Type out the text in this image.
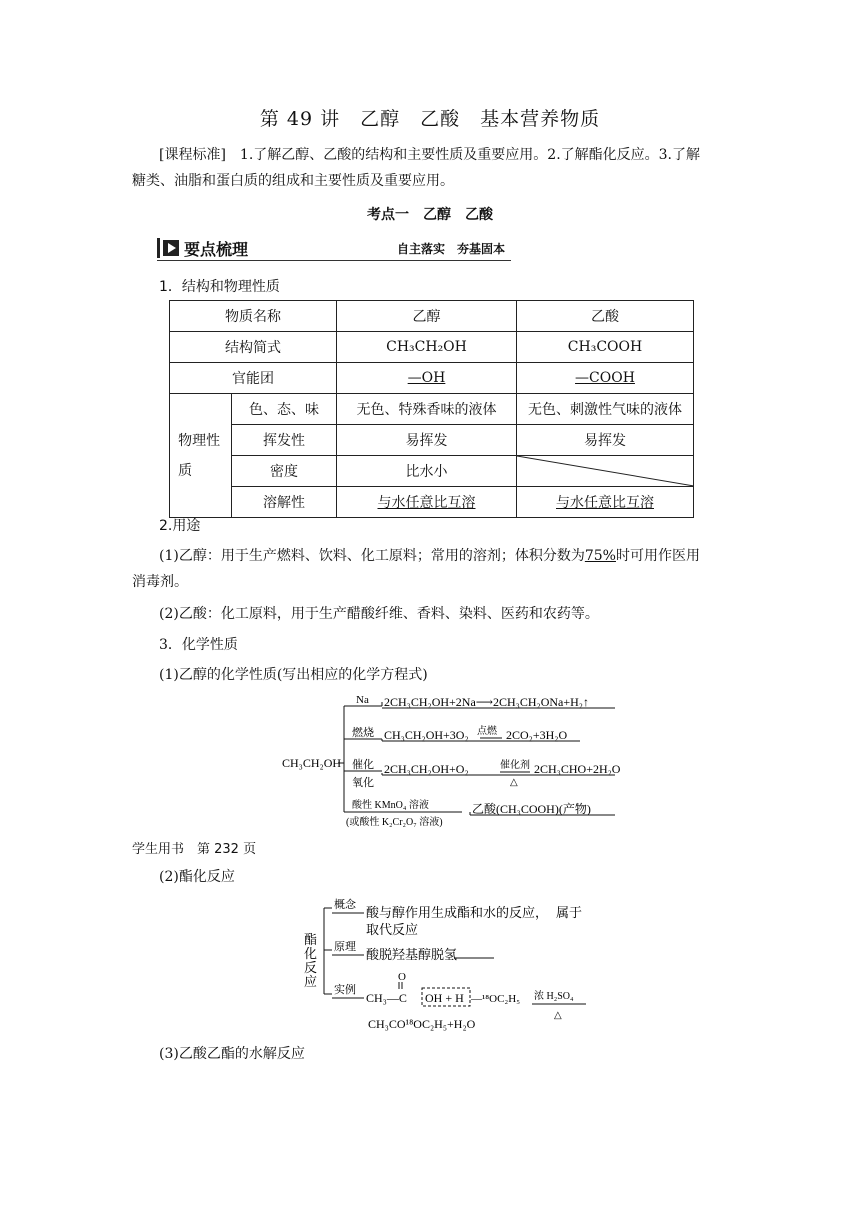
第 49 讲　乙醇　乙酸　基本营养物质
[课程标准]　1.了解乙醇、乙酸的结构和主要性质及重要应用。2.了解酯化反应。3.了解
糖类、油脂和蛋白质的组成和主要性质及重要应用。
考点一　乙醇　乙酸
要点梳理	自主落实　夯基固本
1．结构和物理性质
物质名称		乙醇	乙酸
结构简式		CH₃CH₂OH	CH₃COOH
官能团		—OH	—COOH

物理性质	色、态、味	无色、特殊香味的液体	无色、刺激性气味的液体
	挥发性	易挥发	易挥发
	密度	比水小	

	溶解性	与水任意比互溶	与水任意比互溶
2.用途
(1)乙醇：用于生产燃料、饮料、化工原料；常用的溶剂；体积分数为75%时可用作医用
消毒剂。
(2)乙酸：化工原料，用于生产醋酸纤维、香料、染料、医药和农药等。
3．化学性质
(1)乙醇的化学性质(写出相应的化学方程式)
CH₃CH₂OH
Na 2CH₃CH₂OH+2Na⟶2CH₃CH₂ONa+H₂↑
燃烧 CH₃CH₂OH+3O₂ 点燃 2CO₂+3H₂O
催化
氧化
2CH₃CH₂OH+O₂	催化剂
△
2CH₃CHO+2H₂O
酸性 KMnO₄ 溶液
(或酸性 K₂Cr₂O₇ 溶液)
乙酸(CH₃COOH)(产物)
学生用书　第 232 页
(2)酯化反应
酯化反应
概念 酸与醇作用生成酯和水的反应， 属于
取代反应
原理 酸脱羟基醇脱氢
实例
O
CH₃—C OH + H —¹⁸OC₂H₅ 浓 H₂SO₄
△
CH₃CO¹⁸OC₂H₅+H₂O
(3)乙酸乙酯的水解反应
